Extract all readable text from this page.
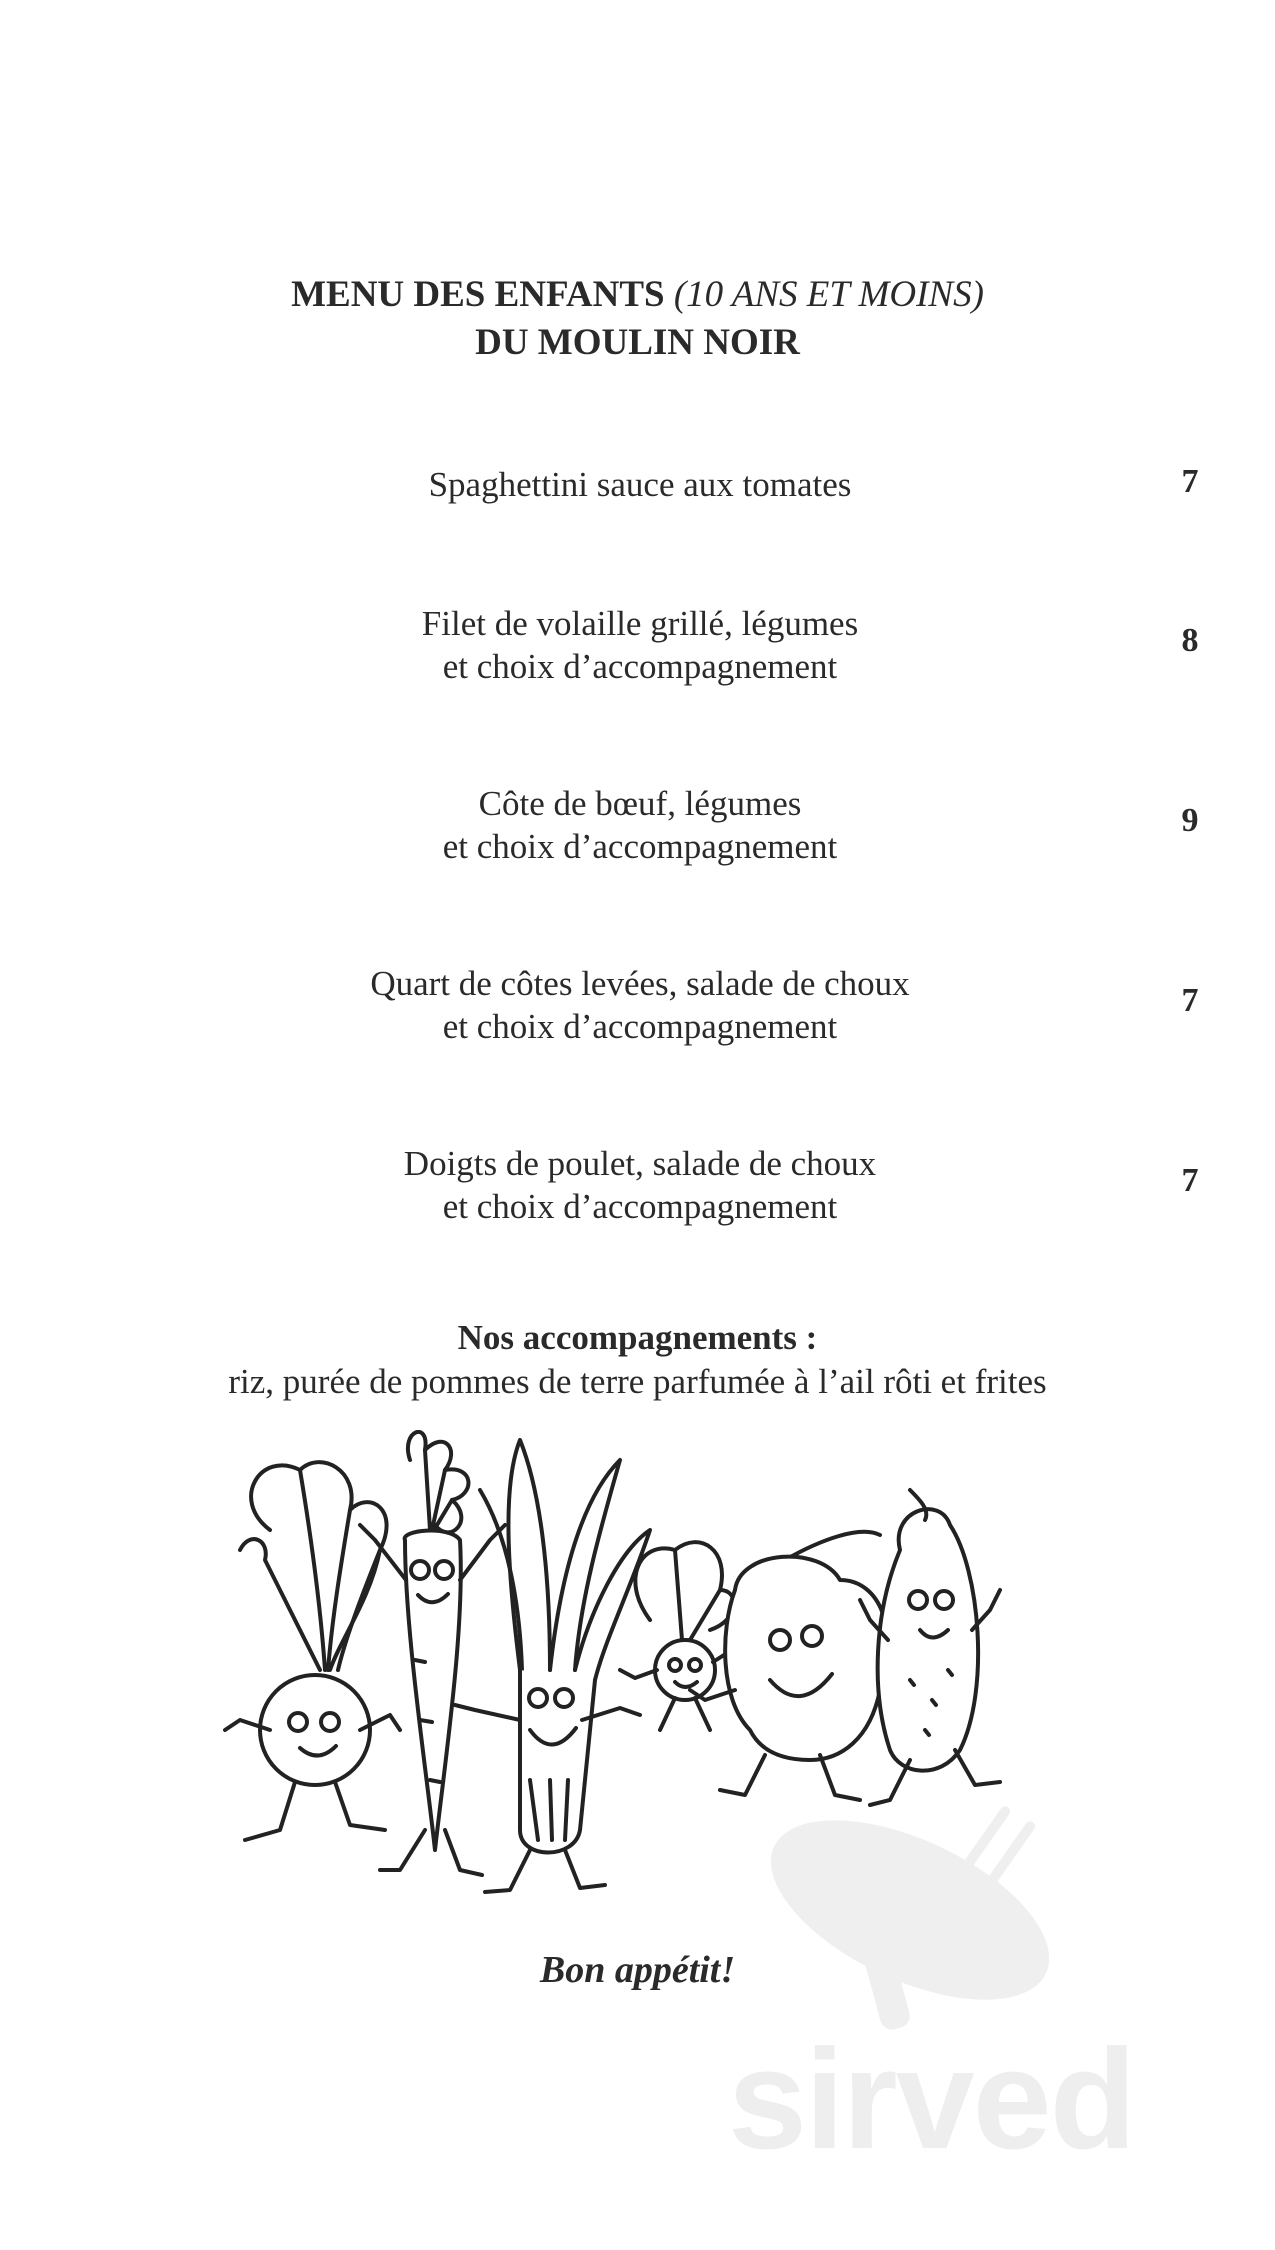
MENU DES ENFANTS (10 ANS ET MOINS)
DU MOULIN NOIR
Spaghettini sauce aux tomates	7
Filet de volaille grillé, légumes
et choix d’accompagnement
8
Côte de bœuf, légumes
et choix d’accompagnement
9
Quart de côtes levées, salade de choux
et choix d’accompagnement
7
Doigts de poulet, salade de choux
et choix d’accompagnement
7
Nos accompagnements :
riz, purée de pommes de terre parfumée à l’ail rôti et frites
sirved
Bon appétit!
